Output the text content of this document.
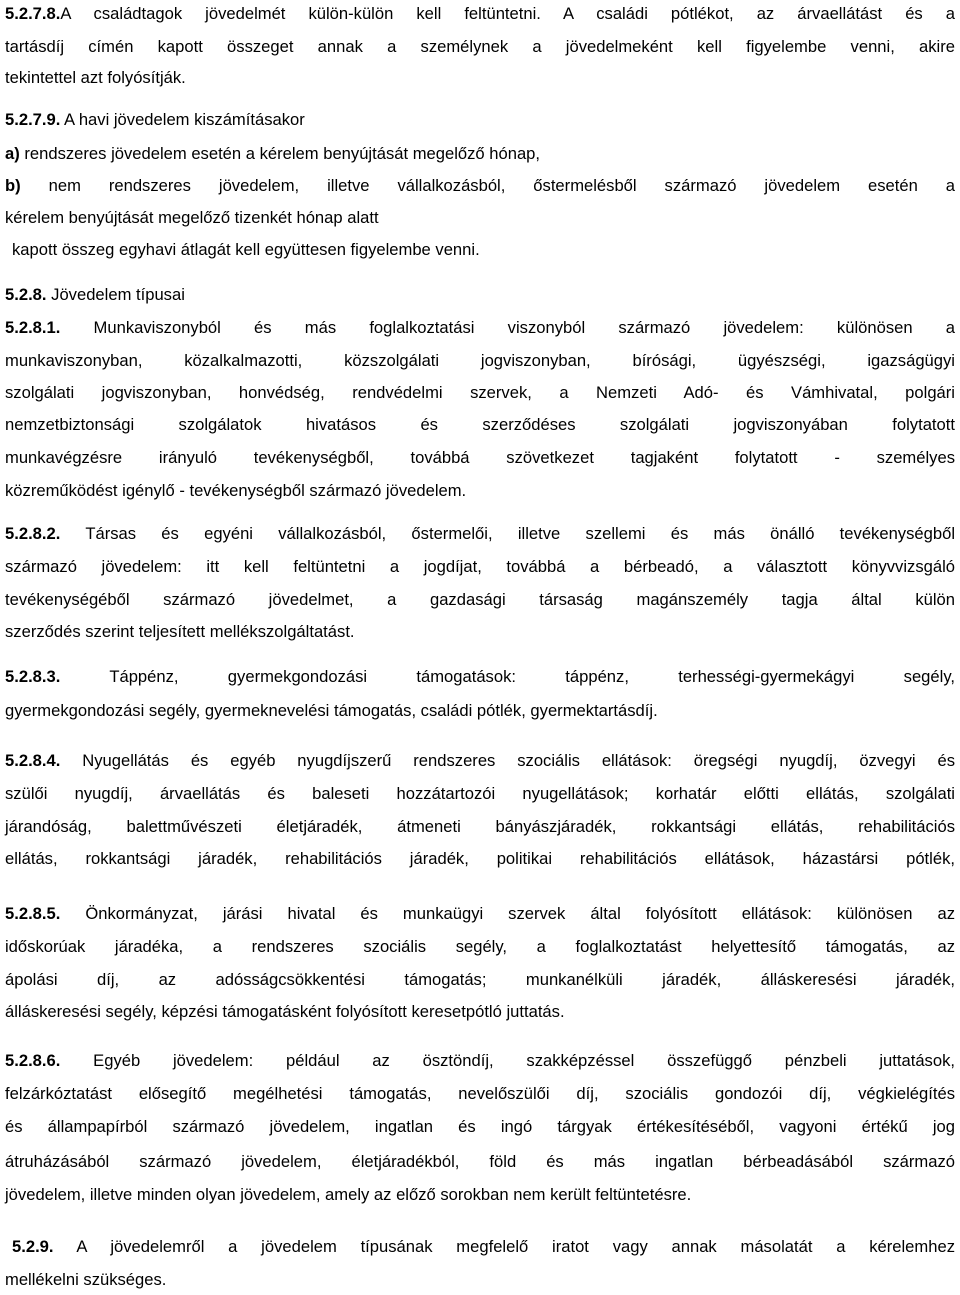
5.2.7.8.A családtagok jövedelmét külön-külön kell feltüntetni. A családi pótlékot, az árvaellátást és a
tartásdíj címén kapott összeget annak a személynek a jövedelmeként kell figyelembe venni, akire
tekintettel azt folyósítják.
5.2.7.9. A havi jövedelem kiszámításakor
a) rendszeres jövedelem esetén a kérelem benyújtását megelőző hónap,
b) nem rendszeres jövedelem, illetve vállalkozásból, őstermelésből származó jövedelem esetén a
kérelem benyújtását megelőző tizenkét hónap alatt
kapott összeg egyhavi átlagát kell együttesen figyelembe venni.
5.2.8. Jövedelem típusai
5.2.8.1. Munkaviszonyból és más foglalkoztatási viszonyból származó jövedelem: különösen a
munkaviszonyban, közalkalmazotti, közszolgálati jogviszonyban, bírósági, ügyészségi, igazságügyi
szolgálati jogviszonyban, honvédség, rendvédelmi szervek, a Nemzeti Adó- és Vámhivatal, polgári
nemzetbiztonsági szolgálatok hivatásos és szerződéses szolgálati jogviszonyában folytatott
munkavégzésre irányuló tevékenységből, továbbá szövetkezet tagjaként folytatott - személyes
közreműködést igénylő - tevékenységből származó jövedelem.
5.2.8.2. Társas és egyéni vállalkozásból, őstermelői, illetve szellemi és más önálló tevékenységből
származó jövedelem: itt kell feltüntetni a jogdíjat, továbbá a bérbeadó, a választott könyvvizsgáló
tevékenységéből származó jövedelmet, a gazdasági társaság magánszemély tagja által külön
szerződés szerint teljesített mellékszolgáltatást.
5.2.8.3. Táppénz, gyermekgondozási támogatások: táppénz, terhességi-gyermekágyi segély,
gyermekgondozási segély, gyermeknevelési támogatás, családi pótlék, gyermektartásdíj.
5.2.8.4. Nyugellátás és egyéb nyugdíjszerű rendszeres szociális ellátások: öregségi nyugdíj, özvegyi és
szülői nyugdíj, árvaellátás és baleseti hozzátartozói nyugellátások; korhatár előtti ellátás, szolgálati
járandóság, balettművészeti életjáradék, átmeneti bányászjáradék, rokkantsági ellátás, rehabilitációs
ellátás, rokkantsági járadék, rehabilitációs járadék, politikai rehabilitációs ellátások, házastársi pótlék,
5.2.8.5. Önkormányzat, járási hivatal és munkaügyi szervek által folyósított ellátások: különösen az
időskorúak járadéka, a rendszeres szociális segély, a foglalkoztatást helyettesítő támogatás, az
ápolási díj, az adósságcsökkentési támogatás; munkanélküli járadék, álláskeresési járadék,
álláskeresési segély, képzési támogatásként folyósított keresetpótló juttatás.
5.2.8.6. Egyéb jövedelem: például az ösztöndíj, szakképzéssel összefüggő pénzbeli juttatások,
felzárkóztatást elősegítő megélhetési támogatás, nevelőszülői díj, szociális gondozói díj, végkielégítés
és állampapírból származó jövedelem, ingatlan és ingó tárgyak értékesítéséből, vagyoni értékű jog
átruházásából származó jövedelem, életjáradékból, föld és más ingatlan bérbeadásából származó
jövedelem, illetve minden olyan jövedelem, amely az előző sorokban nem került feltüntetésre.
5.2.9. A jövedelemről a jövedelem típusának megfelelő iratot vagy annak másolatát a kérelemhez
mellékelni szükséges.
